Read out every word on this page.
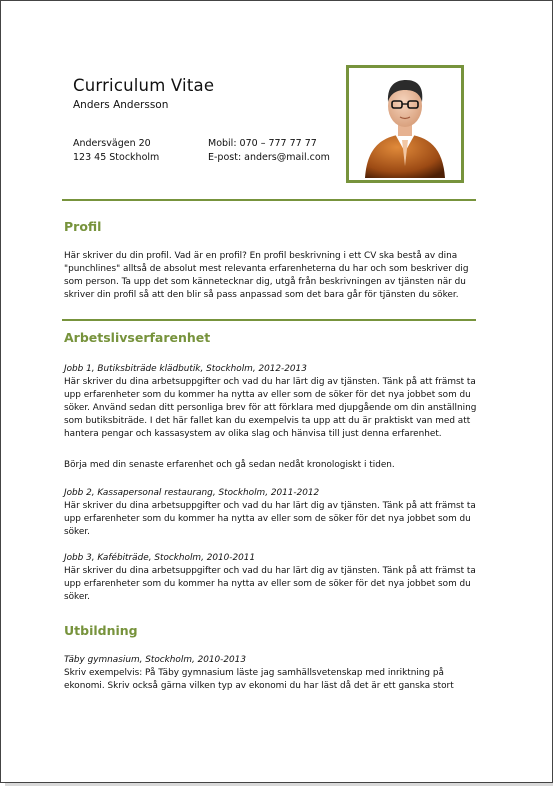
Curriculum Vitae
Anders Andersson
Andersvägen 20
123 45 Stockholm
Mobil: 070 – 777 77 77
E-post: anders@mail.com
Profil
Här skriver du din profil. Vad är en profil? En profil beskrivning i ett CV ska bestå av dina "punchlines" alltså de absolut mest relevanta erfarenheterna du har och som beskriver dig som person. Ta upp det som kännetecknar dig, utgå från beskrivningen av tjänsten när du skriver din profil så att den blir så pass anpassad som det bara går för tjänsten du söker.
Arbetslivserfarenhet
Jobb 1, Butiksbiträde klädbutik, Stockholm, 2012-2013
Här skriver du dina arbetsuppgifter och vad du har lärt dig av tjänsten. Tänk på att främst ta upp erfarenheter som du kommer ha nytta av eller som de söker för det nya jobbet som du söker. Använd sedan ditt personliga brev för att förklara med djupgående om din anställning som butiksbiträde. I det här fallet kan du exempelvis ta upp att du är praktiskt van med att hantera pengar och kassasystem av olika slag och hänvisa till just denna erfarenhet.
Börja med din senaste erfarenhet och gå sedan nedåt kronologiskt i tiden.
Jobb 2, Kassapersonal restaurang, Stockholm, 2011-2012
Här skriver du dina arbetsuppgifter och vad du har lärt dig av tjänsten. Tänk på att främst ta upp erfarenheter som du kommer ha nytta av eller som de söker för det nya jobbet som du söker.
Jobb 3, Kafébiträde, Stockholm, 2010-2011
Här skriver du dina arbetsuppgifter och vad du har lärt dig av tjänsten. Tänk på att främst ta upp erfarenheter som du kommer ha nytta av eller som de söker för det nya jobbet som du söker.
Utbildning
Täby gymnasium, Stockholm, 2010-2013
Skriv exempelvis: På Täby gymnasium läste jag samhällsvetenskap med inriktning på ekonomi. Skriv också gärna vilken typ av ekonomi du har läst då det är ett ganska stort
